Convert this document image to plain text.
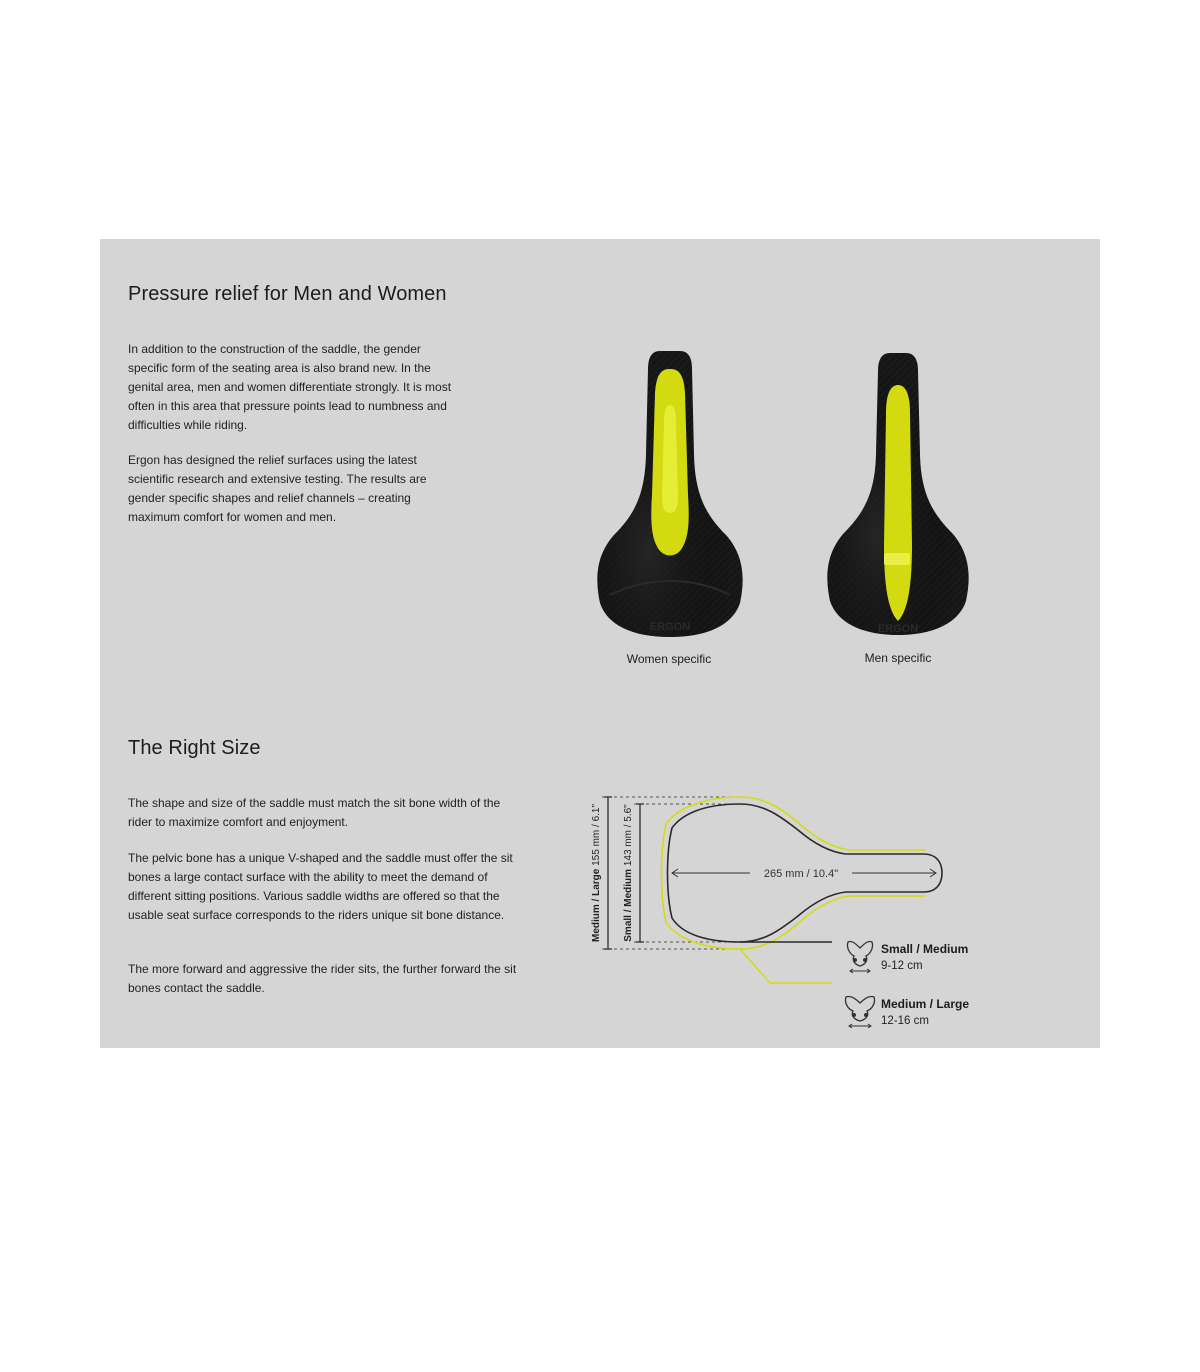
Pressure relief for Men and Women

In addition to the construction of the saddle, the gender specific form of the seating area is also brand new. In the genital area, men and women differentiate strongly. It is most often in this area that pressure points lead to numbness and difficulties while riding.

Ergon has designed the relief surfaces using the latest scientific research and extensive testing. The results are gender specific shapes and relief channels – creating maximum comfort for women and men.

ERGON
Women specific
ERGON
Men specific
The Right Size

The shape and size of the saddle must match the sit bone width of the rider to maximize comfort and enjoyment.

The pelvic bone has a unique V-shaped and the saddle must offer the sit bones a large contact surface with the ability to meet the demand of different sitting positions. Various saddle widths are offered so that the usable seat surface corresponds to the riders unique sit bone distance.

The more forward and aggressive the rider sits, the further forward the sit bones contact the saddle.

Medium / Large 155 mm / 6.1"
Small / Medium 143 mm / 5.6"
265 mm / 10.4"
Small / Medium
9-12 cm
Medium / Large
12-16 cm
